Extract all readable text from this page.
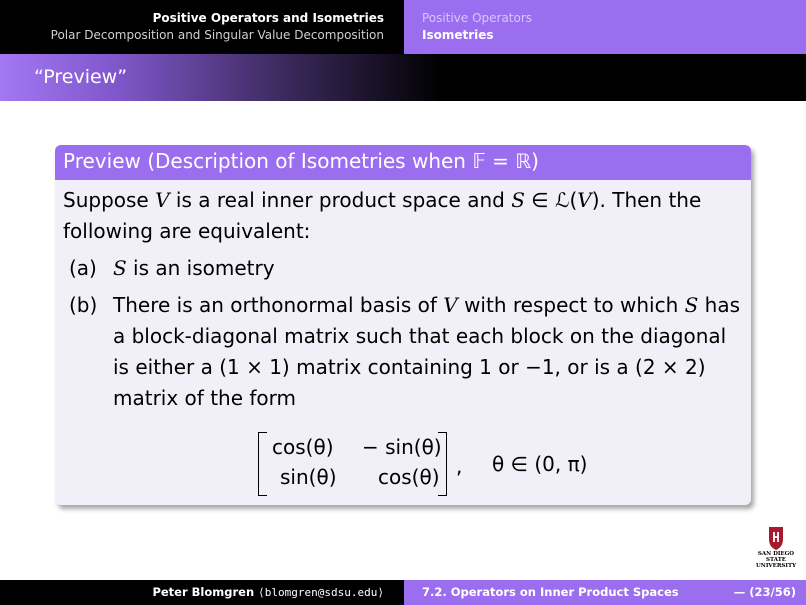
Positive Operators and Isometries
Polar Decomposition and Singular Value Decomposition
Positive Operators
Isometries
“Preview”
Preview (Description of Isometries when 𝔽 = ℝ)
Suppose V is a real inner product space and S ∈ ℒ(V). Then the following are equivalent:
(a) S is an isometry
(b) There is an orthonormal basis of V with respect to which S has a block-diagonal matrix such that each block on the diagonal is either a (1 × 1) matrix containing 1 or −1, or is a (2 × 2) matrix of the form
cos(θ) − sin(θ)
sin(θ) cos(θ) , θ ∈ (0, π)
SAN DIEGO STATE
UNIVERSITY
Peter Blomgren ⟨blomgren@sdsu.edu⟩	7.2. Operators on Inner Product Spaces	— (23/56)
